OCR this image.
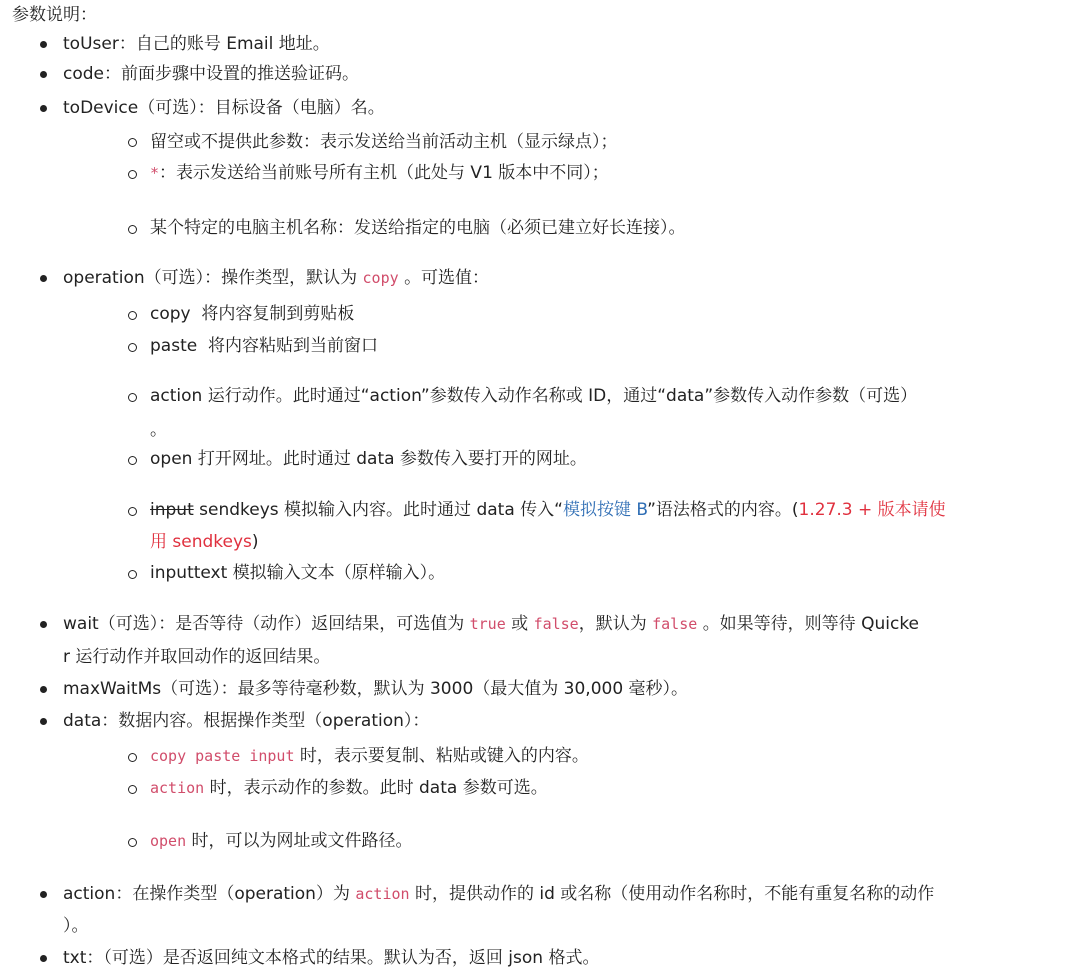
参数说明：
toUser：自己的账号 Email 地址。
code：前面步骤中设置的推送验证码。
toDevice（可选）：目标设备（电脑）名。
留空或不提供此参数：表示发送给当前活动主机（显示绿点）；
*：表示发送给当前账号所有主机（此处与 V1 版本中不同）；
某个特定的电脑主机名称：发送给指定的电脑（必须已建立好长连接）。
operation（可选）：操作类型，默认为 copy 。可选值：
copy  将内容复制到剪贴板
paste  将内容粘贴到当前窗口
action 运行动作。此时通过“action”参数传入动作名称或 ID，通过“data”参数传入动作参数（可选）
。
open 打开网址。此时通过 data 参数传入要打开的网址。
input sendkeys 模拟输入内容。此时通过 data 传入“模拟按键 B”语法格式的内容。(1.27.3 + 版本请使
用 sendkeys)
inputtext 模拟输入文本（原样输入）。
wait（可选）：是否等待（动作）返回结果，可选值为 true 或 false，默认为 false 。如果等待，则等待 Quicke
r 运行动作并取回动作的返回结果。
maxWaitMs（可选）：最多等待毫秒数，默认为 3000（最大值为 30,000 毫秒）。
data：数据内容。根据操作类型（operation）：
copy paste input 时，表示要复制、粘贴或键入的内容。
action 时，表示动作的参数。此时 data 参数可选。
open 时，可以为网址或文件路径。
action：在操作类型（operation）为 action 时，提供动作的 id 或名称（使用动作名称时，不能有重复名称的动作
）。
txt：（可选）是否返回纯文本格式的结果。默认为否，返回 json 格式。
